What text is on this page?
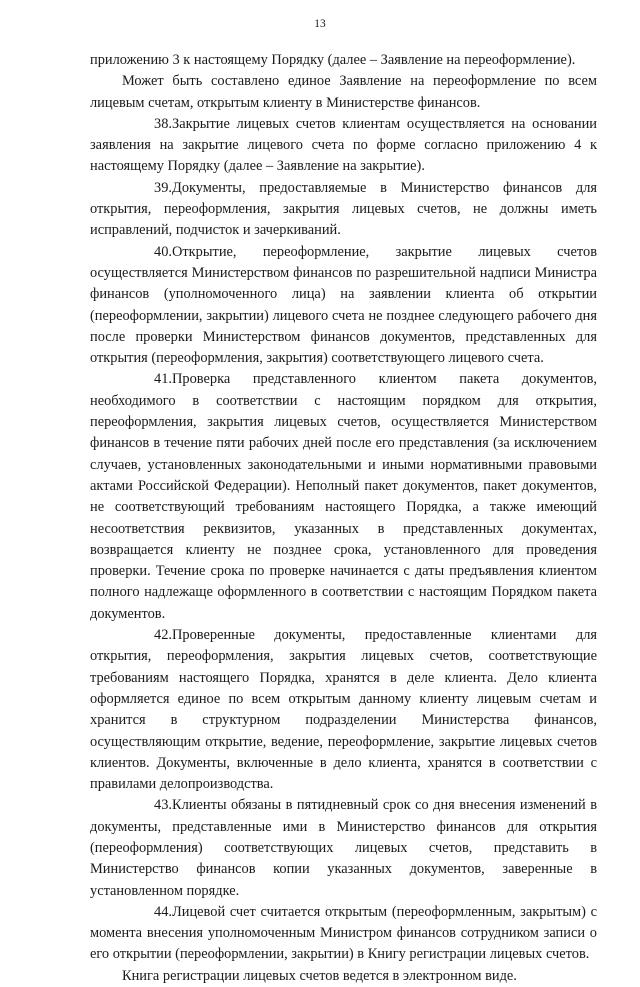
13

приложению 3 к настоящему Порядку (далее – Заявление на переоформление).

Может быть составлено единое Заявление на переоформление по всем лицевым счетам, открытым клиенту в Министерстве финансов.

38.Закрытие лицевых счетов клиентам осуществляется на основании заявления на закрытие лицевого счета по форме согласно приложению 4 к настоящему Порядку (далее – Заявление на закрытие).

39.Документы, предоставляемые в Министерство финансов для открытия, переоформления, закрытия лицевых счетов, не должны иметь исправлений, подчисток и зачеркиваний.

40.Открытие, переоформление, закрытие лицевых счетов осуществляется Министерством финансов по разрешительной надписи Министра финансов (уполномоченного лица) на заявлении клиента об открытии (переоформлении, закрытии) лицевого счета не позднее следующего рабочего дня после проверки Министерством финансов документов, представленных для открытия (переоформления, закрытия) соответствующего лицевого счета.

41.Проверка представленного клиентом пакета документов, необходимого в соответствии с настоящим порядком для открытия, переоформления, закрытия лицевых счетов, осуществляется Министерством финансов в течение пяти рабочих дней после его представления (за исключением случаев, установленных законодательными и иными нормативными правовыми актами Российской Федерации). Неполный пакет документов, пакет документов, не соответствующий требованиям настоящего Порядка, а также имеющий несоответствия реквизитов, указанных в представленных документах, возвращается клиенту не позднее срока, установленного для проведения проверки. Течение срока по проверке начинается с даты предъявления клиентом полного надлежаще оформленного в соответствии с настоящим Порядком пакета документов.

42.Проверенные документы, предоставленные клиентами для открытия, переоформления, закрытия лицевых счетов, соответствующие требованиям настоящего Порядка, хранятся в деле клиента. Дело клиента оформляется единое по всем открытым данному клиенту лицевым счетам и хранится в структурном подразделении Министерства финансов, осуществляющим открытие, ведение, переоформление, закрытие лицевых счетов клиентов. Документы, включенные в дело клиента, хранятся в соответствии с правилами делопроизводства.

43.Клиенты обязаны в пятидневный срок со дня внесения изменений в документы, представленные ими в Министерство финансов для открытия (переоформления) соответствующих лицевых счетов, представить в Министерство финансов копии указанных документов, заверенные в установленном порядке.

44.Лицевой счет считается открытым (переоформленным, закрытым) с момента внесения уполномоченным Министром финансов сотрудником записи о его открытии (переоформлении, закрытии) в Книгу регистрации лицевых счетов.

Книга регистрации лицевых счетов ведется в электронном виде.
